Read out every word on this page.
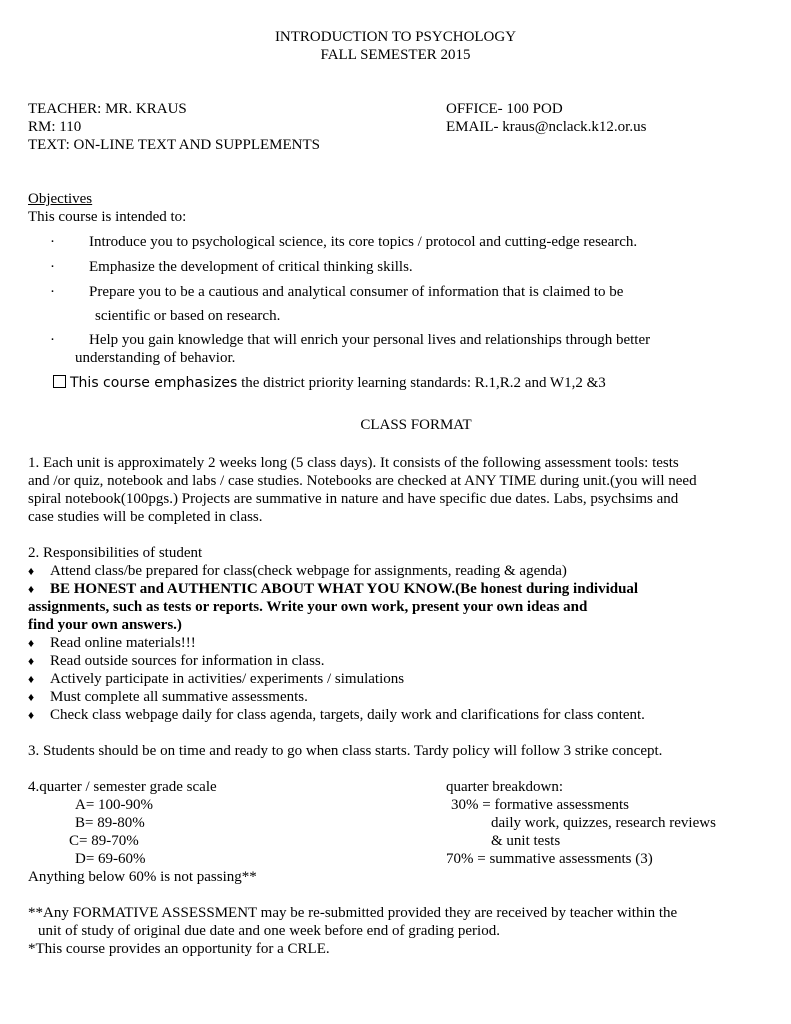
INTRODUCTION TO PSYCHOLOGY
FALL SEMESTER 2015
TEACHER: MR. KRAUS
RM: 110
TEXT: ON-LINE TEXT AND SUPPLEMENTS
OFFICE- 100 POD
EMAIL- kraus@nclack.k12.or.us
Objectives
This course is intended to:
· Introduce you to psychological science, its core topics / protocol and cutting-edge research.
· Emphasize the development of critical thinking skills.
· Prepare you to be a cautious and analytical consumer of information that is claimed to be
scientific or based on research.
· Help you gain knowledge that will enrich your personal lives and relationships through better
understanding of behavior.
This course emphasizes the district priority learning standards: R.1,R.2 and W1,2 &3
CLASS FORMAT
1. Each unit is approximately 2 weeks long (5 class days). It consists of the following assessment tools: tests
and /or quiz, notebook and labs / case studies. Notebooks are checked at ANY TIME during unit.(you will need
spiral notebook(100pgs.) Projects are summative in nature and have specific due dates. Labs, psychsims and
case studies will be completed in class.
2. Responsibilities of student
♦ Attend class/be prepared for class(check webpage for assignments, reading & agenda)
♦ BE HONEST and AUTHENTIC ABOUT WHAT YOU KNOW.(Be honest during individual
assignments, such as tests or reports. Write your own work, present your own ideas and
find your own answers.)
♦ Read online materials!!!
♦ Read outside sources for information in class.
♦ Actively participate in activities/ experiments / simulations
♦ Must complete all summative assessments.
♦ Check class webpage daily for class agenda, targets, daily work and clarifications for class content.
3. Students should be on time and ready to go when class starts. Tardy policy will follow 3 strike concept.
4.quarter / semester grade scale
A= 100-90%
B= 89-80%
C= 89-70%
D= 69-60%
Anything below 60% is not passing**
quarter breakdown:
30% = formative assessments
daily work, quizzes, research reviews
& unit tests
70% = summative assessments (3)
**Any FORMATIVE ASSESSMENT may be re-submitted provided they are received by teacher within the
unit of study of original due date and one week before end of grading period.
*This course provides an opportunity for a CRLE.
